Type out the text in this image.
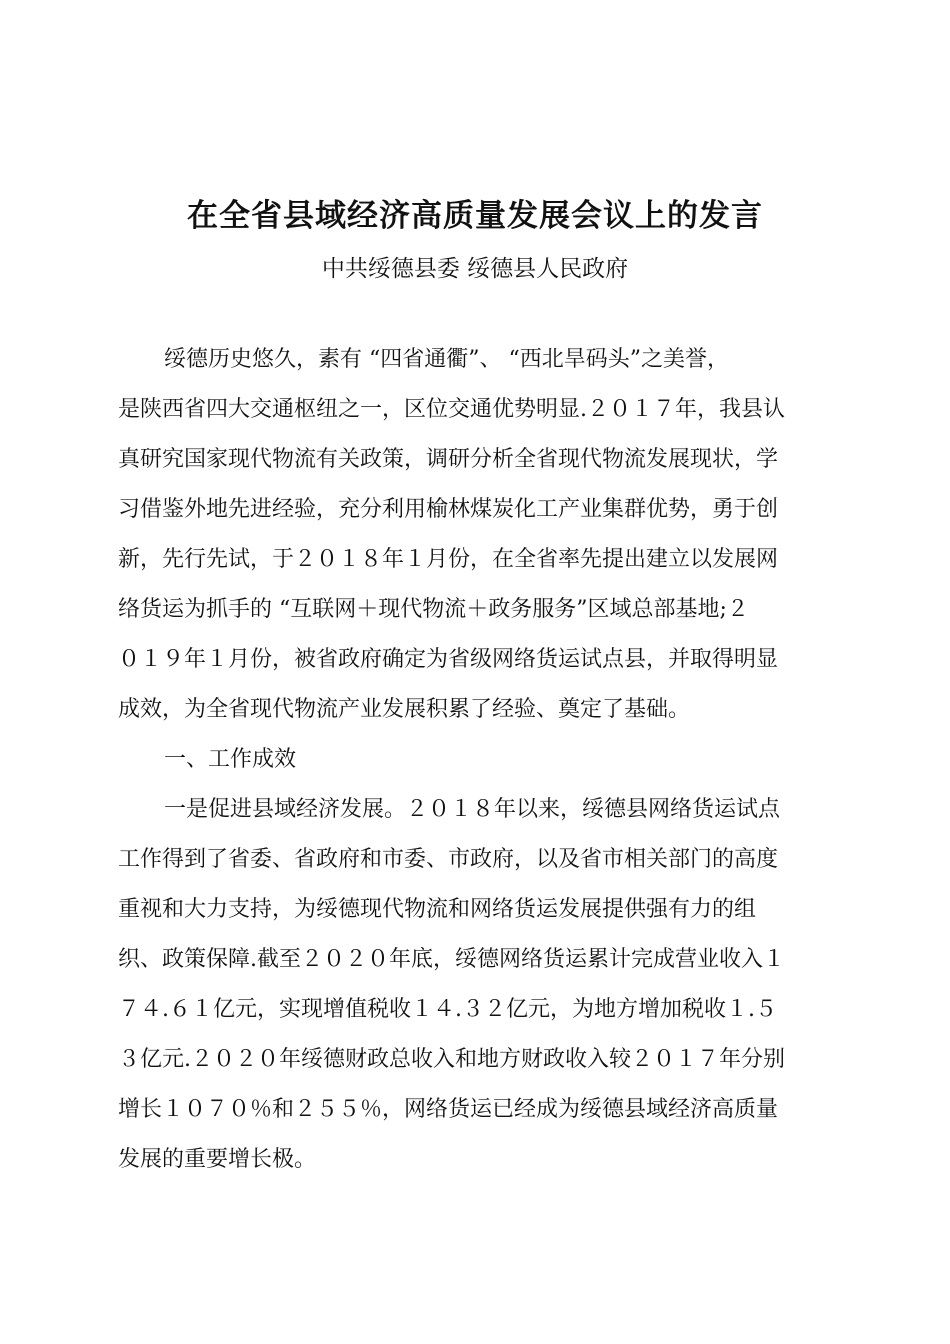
在全省县域经济高质量发展会议上的发言

中共绥德县委 绥德县人民政府

绥德历史悠久，素有 “四省通衢”、 “西北旱码头”之美誉，
是陕西省四大交通枢纽之一，区位交通优势明显.２０１７年，我县认
真研究国家现代物流有关政策，调研分析全省现代物流发展现状，学
习借鉴外地先进经验，充分利用榆林煤炭化工产业集群优势，勇于创
新，先行先试，于２０１８年１月份，在全省率先提出建立以发展网
络货运为抓手的 “互联网＋现代物流＋政务服务”区域总部基地;２
０１９年１月份，被省政府确定为省级网络货运试点县，并取得明显
成效，为全省现代物流产业发展积累了经验、奠定了基础。
一、工作成效
一是促进县域经济发展。２０１８年以来，绥德县网络货运试点
工作得到了省委、省政府和市委、市政府，以及省市相关部门的高度
重视和大力支持，为绥德现代物流和网络货运发展提供强有力的组
织、政策保障.截至２０２０年底，绥德网络货运累计完成营业收入１
７４.６１亿元，实现增值税收１４.３２亿元，为地方增加税收１.５
３亿元.２０２０年绥德财政总收入和地方财政收入较２０１７年分别
增长１０７０％和２５５％，网络货运已经成为绥德县域经济高质量
发展的重要增长极。
